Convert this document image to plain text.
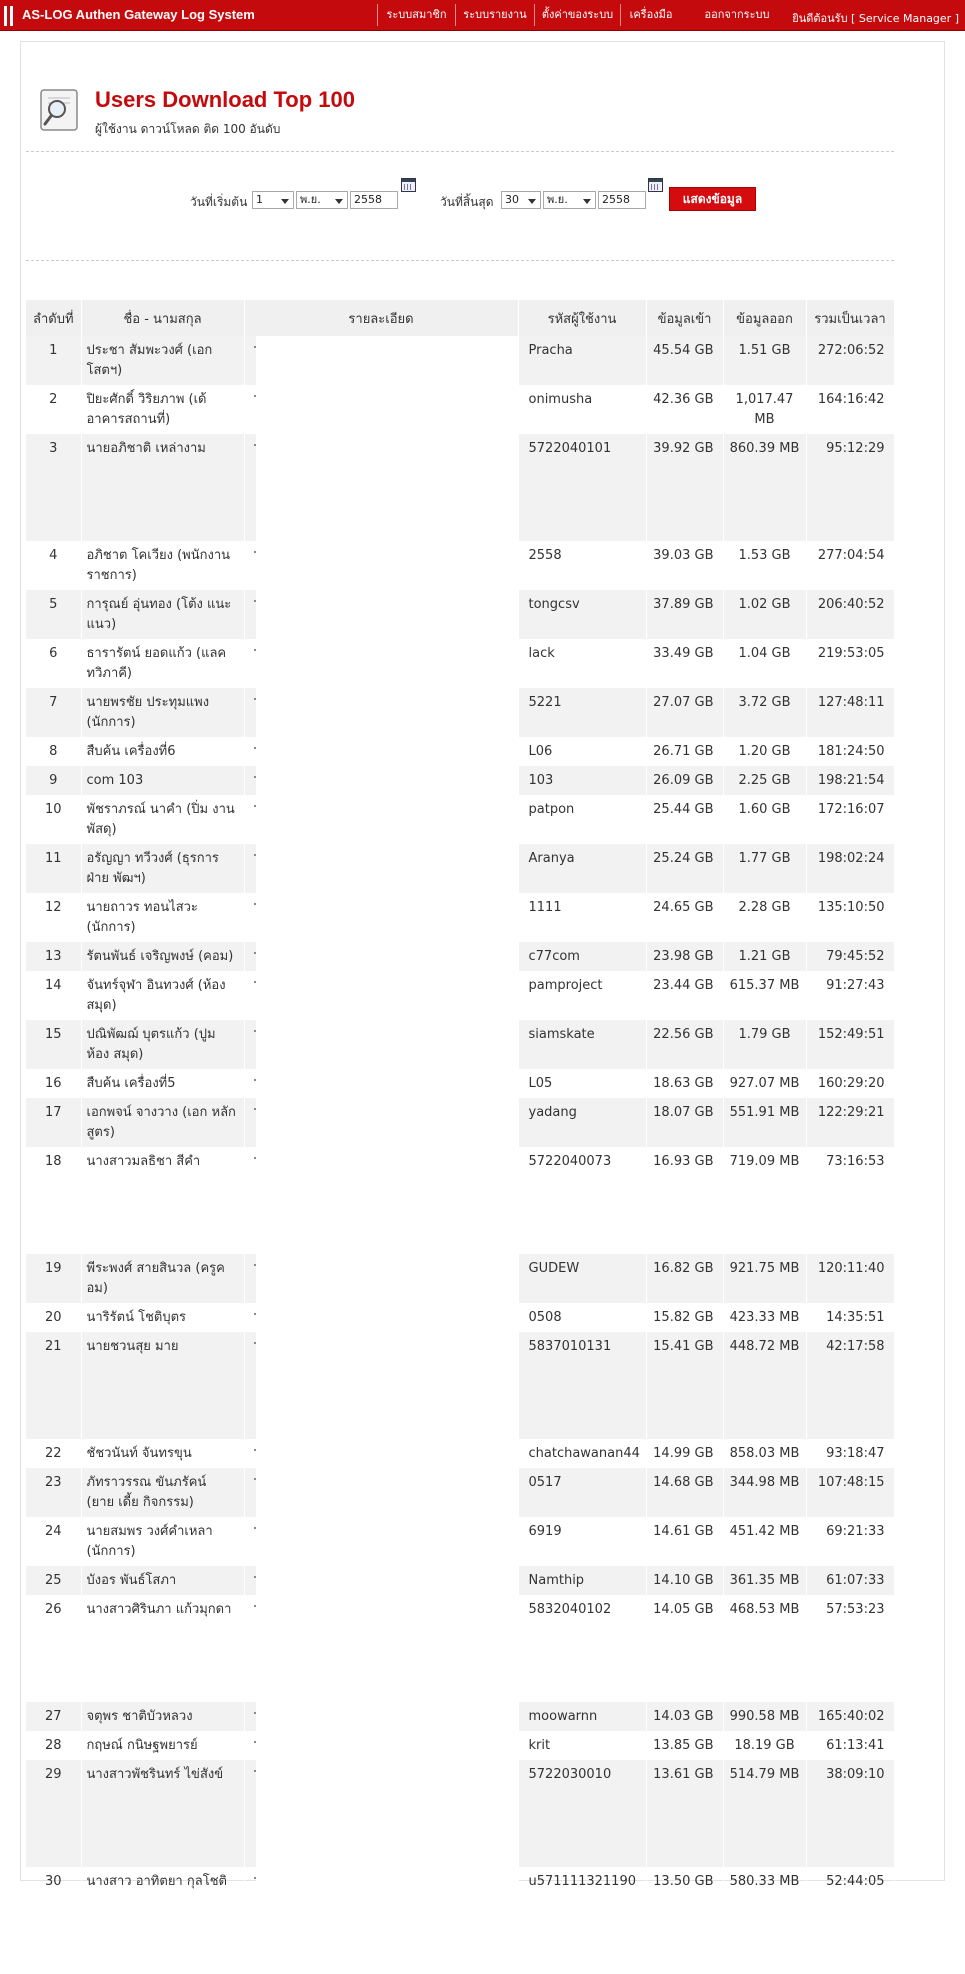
AS-LOG Authen Gateway Log System	ระบบสมาชิก	ระบบรายงาน	ตั้งค่าของระบบ	เครื่องมือ	ออกจากระบบ	ยินดีต้อนรับ [ Service Manager ]
Users Download Top 100
ผู้ใช้งาน ดาวน์โหลด ติด 100 อันดับ
วันที่เริ่มต้น 1	พ.ย.	2558	วันที่สิ้นสุด	30	พ.ย.	2558	แสดงข้อมูล
ลำดับที่	ชื่อ - นามสกุล	รายละเอียด	รหัสผู้ใช้งาน	ข้อมูลเข้า	ข้อมูลออก	รวมเป็นเวลา
1	ประชา สัมพะวงศ์ (เอก โสตฯ)		Pracha	45.54 GB	1.51 GB	272:06:52
2	ปิยะศักดิ์ วิริยภาพ (เด้ อาคารสถานที่)		onimusha	42.36 GB	1,017.47 MB	164:16:42
3	นายอภิชาติ เหล่างาม		5722040101	39.92 GB	860.39 MB	95:12:29
4	อภิชาต โคเวียง (พนักงาน ราชการ)		2558	39.03 GB	1.53 GB	277:04:54
5	การุณย์ อุ่นทอง (โต้ง แนะ แนว)		tongcsv	37.89 GB	1.02 GB	206:40:52
6	ธารารัตน์ ยอดแก้ว (แลค ทวิภาคี)		lack	33.49 GB	1.04 GB	219:53:05
7	นายพรชัย ประทุมแพง (นักการ)		5221	27.07 GB	3.72 GB	127:48:11
8	สืบค้น เครื่องที่6		L06	26.71 GB	1.20 GB	181:24:50
9	com 103		103	26.09 GB	2.25 GB	198:21:54
10	พัชราภรณ์ นาคำ (ปิ่ม งาน พัสดุ)		patpon	25.44 GB	1.60 GB	172:16:07
11	อรัญญา ทวีวงศ์ (ธุรการฝ่าย พัฒฯ)		Aranya	25.24 GB	1.77 GB	198:02:24
12	นายถาวร ทอนไสวะ (นักการ)		1111	24.65 GB	2.28 GB	135:10:50
13	รัตนพันธ์ เจริญพงษ์ (คอม)		c77com	23.98 GB	1.21 GB	79:45:52
14	จันทร์จุฬา อินทวงศ์ (ห้อง สมุด)		pamproject	23.44 GB	615.37 MB	91:27:43
15	ปณิพัฒฌ์ บุตรแก้ว (ปูม ห้อง สมุด)		siamskate	22.56 GB	1.79 GB	152:49:51
16	สืบค้น เครื่องที่5		L05	18.63 GB	927.07 MB	160:29:20
17	เอกพจน์ จางวาง (เอก หลัก สูตร)		yadang	18.07 GB	551.91 MB	122:29:21
18	นางสาวมลธิชา สีคำ		5722040073	16.93 GB	719.09 MB	73:16:53
19	พีระพงศ์ สายสินวล (ครูค อม)		GUDEW	16.82 GB	921.75 MB	120:11:40
20	นาริรัตน์ โชติบุตร		0508	15.82 GB	423.33 MB	14:35:51
21	นายชวนสุย มาย		5837010131	15.41 GB	448.72 MB	42:17:58
22	ชัชวนันท์ จันทรขุน		chatchawanan44	14.99 GB	858.03 MB	93:18:47
23	ภัทราวรรณ ขันภรัคน์ (ยาย เดี้ย กิจกรรม)		0517	14.68 GB	344.98 MB	107:48:15
24	นายสมพร วงศ์คำเหลา (นักการ)		6919	14.61 GB	451.42 MB	69:21:33
25	บังอร พันธ์โสภา		Namthip	14.10 GB	361.35 MB	61:07:33
26	นางสาวศิรินภา แก้วมุกดา		5832040102	14.05 GB	468.53 MB	57:53:23
27	จตุพร ชาติบัวหลวง		moowarnn	14.03 GB	990.58 MB	165:40:02
28	กฤษณ์ กนิษฐพยารย์		krit	13.85 GB	18.19 GB	61:13:41
29	นางสาวพัชรินทร์ ไข่สังข์		5722030010	13.61 GB	514.79 MB	38:09:10
30	นางสาว อาทิตยา กุลโชติ		u571111321190	13.50 GB	580.33 MB	52:44:05
